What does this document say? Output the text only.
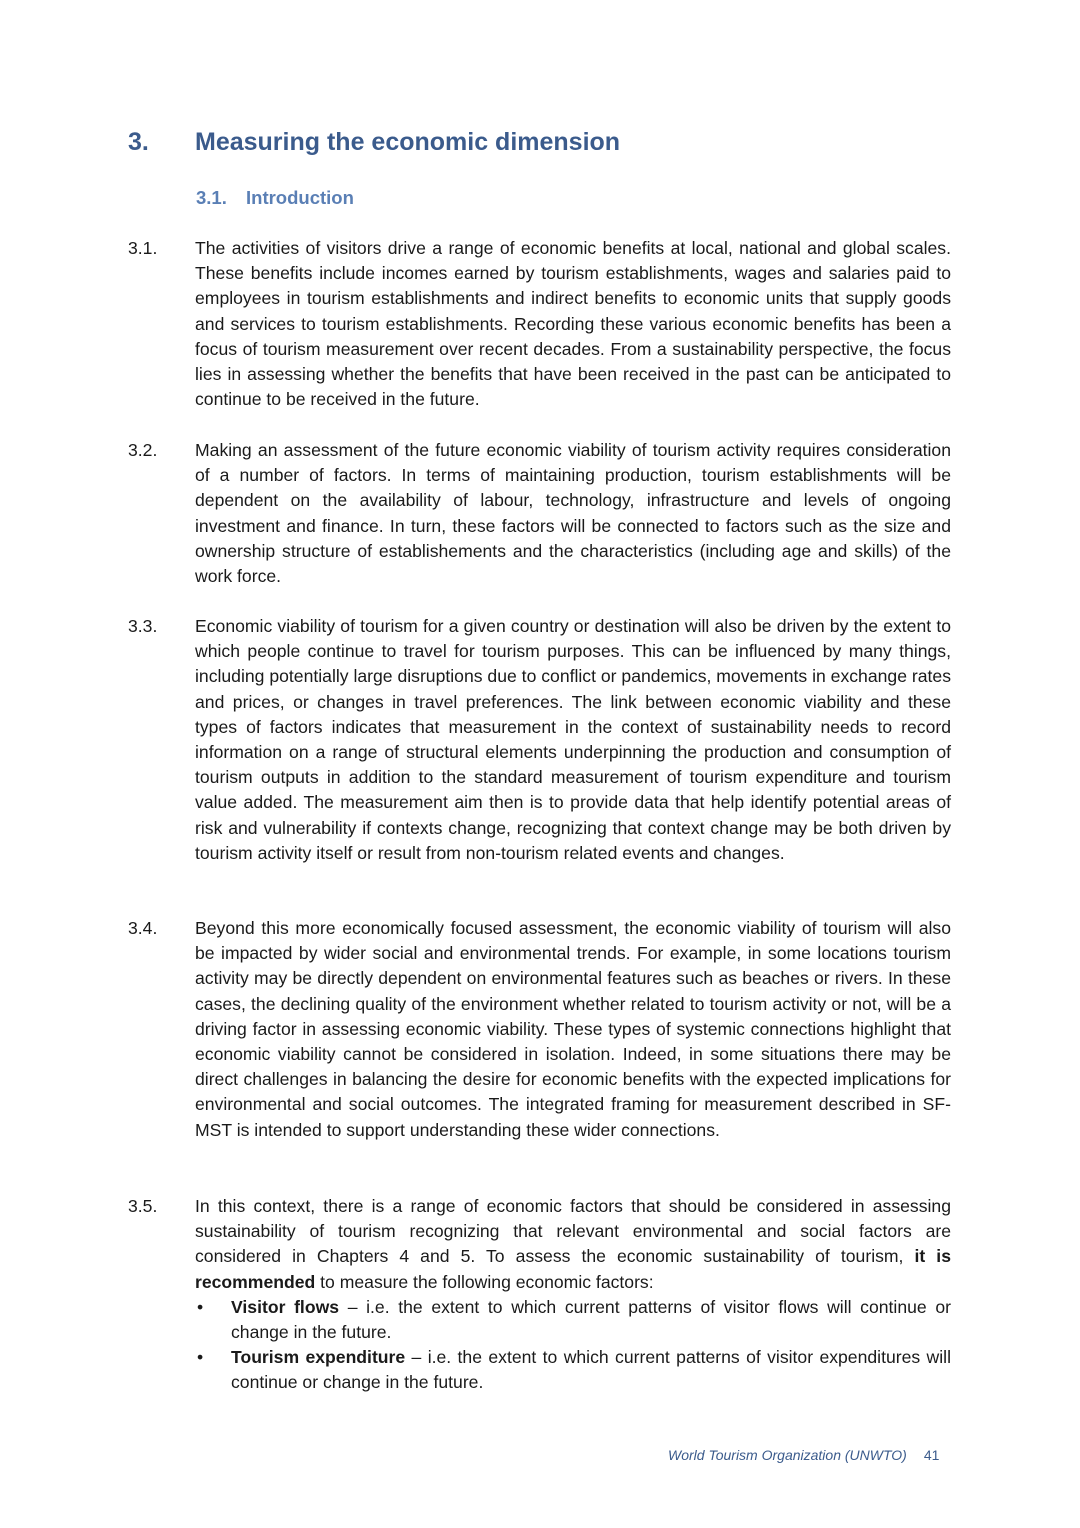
3.	Measuring the economic dimension
3.1.	Introduction
3.1.	The activities of visitors drive a range of economic benefits at local, national and global scales. These benefits include incomes earned by tourism establishments, wages and salaries paid to employees in tourism establishments and indirect benefits to economic units that supply goods and services to tourism establishments. Recording these various economic benefits has been a focus of tourism measurement over recent decades. From a sustainability perspective, the focus lies in assessing whether the benefits that have been received in the past can be anticipated to continue to be received in the future.
3.2.	Making an assessment of the future economic viability of tourism activity requires consideration of a number of factors. In terms of maintaining production, tourism establishments will be dependent on the availability of labour, technology, infrastructure and levels of ongoing investment and finance. In turn, these factors will be connected to factors such as the size and ownership structure of establishements and the characteristics (including age and skills) of the work force.
3.3.	Economic viability of tourism for a given country or destination will also be driven by the extent to which people continue to travel for tourism purposes. This can be influenced by many things, including potentially large disruptions due to conflict or pandemics, movements in exchange rates and prices, or changes in travel preferences. The link between economic viability and these types of factors indicates that measurement in the context of sustainability needs to record information on a range of structural elements underpinning the production and consumption of tourism outputs in addition to the standard measurement of tourism expenditure and tourism value added. The measurement aim then is to provide data that help identify potential areas of risk and vulnerability if contexts change, recognizing that context change may be both driven by tourism activity itself or result from non-tourism related events and changes.
3.4.	Beyond this more economically focused assessment, the economic viability of tourism will also be impacted by wider social and environmental trends. For example, in some locations tourism activity may be directly dependent on environmental features such as beaches or rivers. In these cases, the declining quality of the environment whether related to tourism activity or not, will be a driving factor in assessing economic viability. These types of systemic connections highlight that economic viability cannot be considered in isolation. Indeed, in some situations there may be direct challenges in balancing the desire for economic benefits with the expected implications for environmental and social outcomes. The integrated framing for measurement described in SF-MST is intended to support understanding these wider connections.
3.5.	In this context, there is a range of economic factors that should be considered in assessing sustainability of tourism recognizing that relevant environmental and social factors are considered in Chapters 4 and 5. To assess the economic sustainability of tourism, it is recommended to measure the following economic factors:
•	Visitor flows – i.e. the extent to which current patterns of visitor flows will continue or change in the future.
•	Tourism expenditure – i.e. the extent to which current patterns of visitor expenditures will continue or change in the future.
World Tourism Organization (UNWTO) 41
